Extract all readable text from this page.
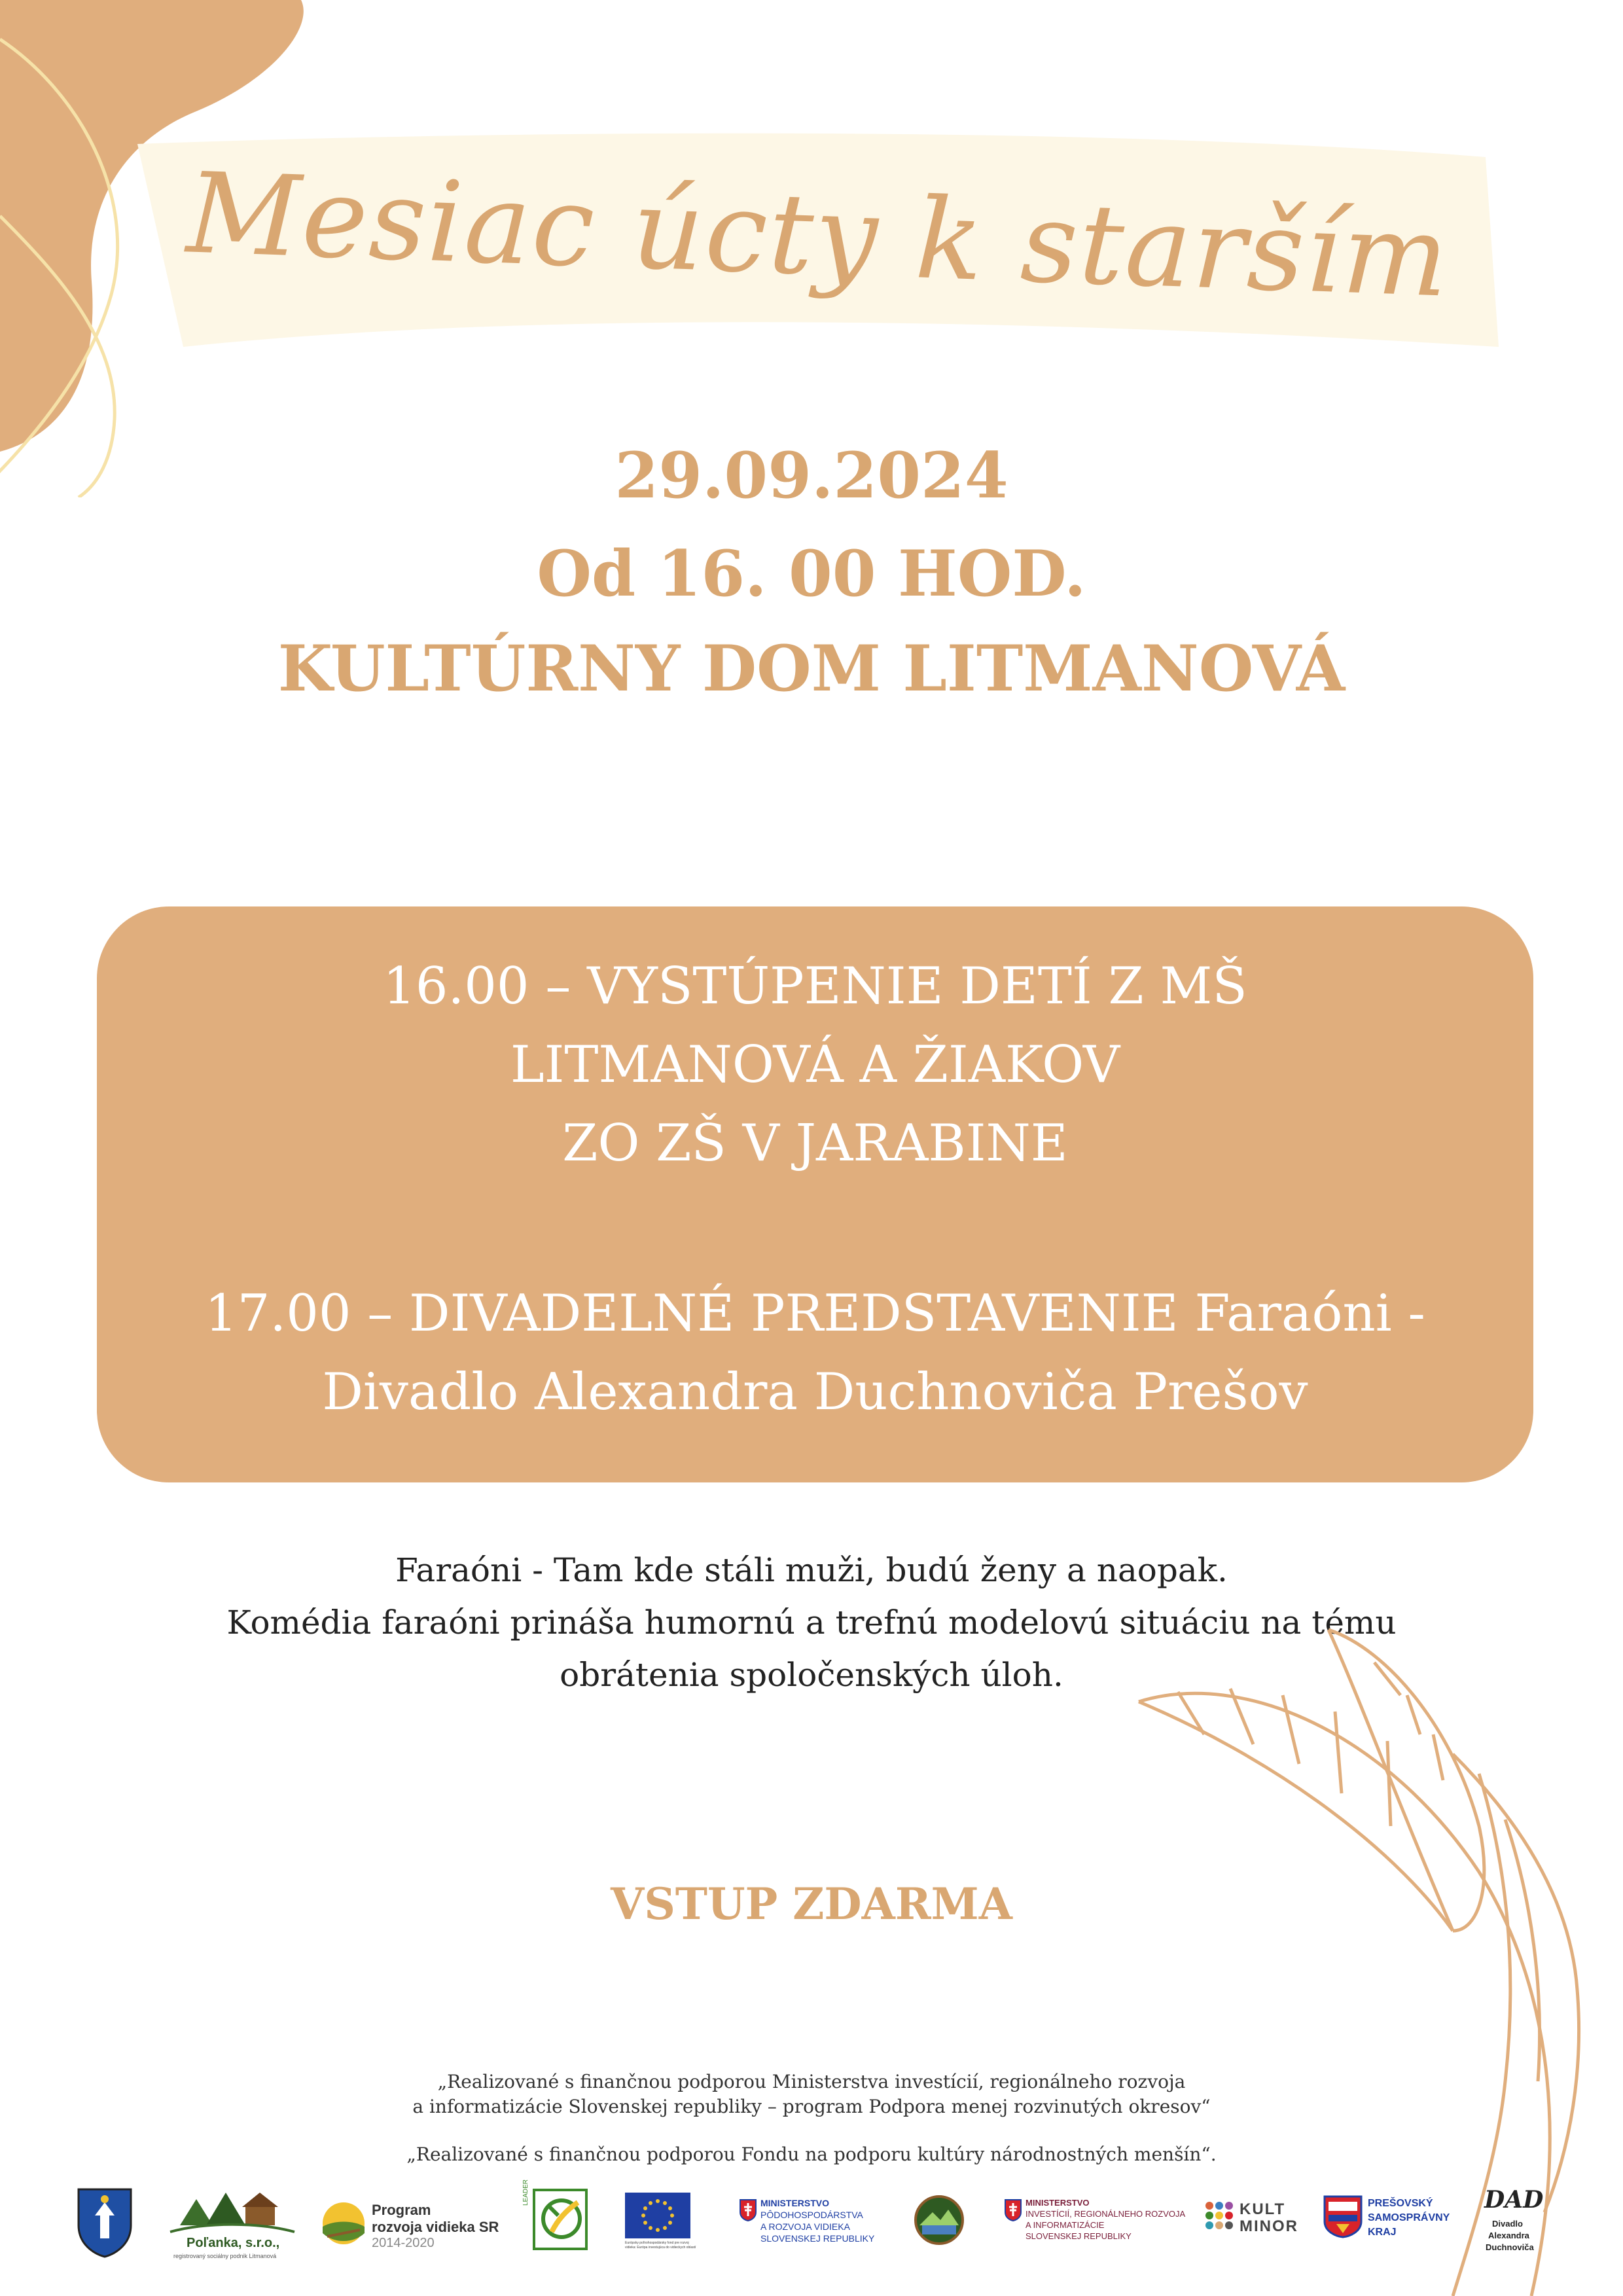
Mesiac úcty k starším
29.09.2024
Od 16. 00 HOD.
KULTÚRNY DOM LITMANOVÁ
16.00 – VYSTÚPENIE DETÍ Z MŠ
LITMANOVÁ A ŽIAKOV
ZO ZŠ V JARABINE
17.00 – DIVADELNÉ PREDSTAVENIE Faraóni -
Divadlo Alexandra Duchnoviča Prešov
Faraóni - Tam kde stáli muži, budú ženy a naopak.
Komédia faraóni prináša humornú a trefnú modelovú situáciu na tému
obrátenia spoločenských úloh.
VSTUP ZDARMA
„Realizované s finančnou podporou Ministerstva investícií, regionálneho rozvoja
a informatizácie Slovenskej republiky – program Podpora menej rozvinutých okresov“
„Realizované s finančnou podporou Fondu na podporu kultúry národnostných menšín“.
Poľanka, s.r.o.,
registrovaný sociálny podnik Litmanová
Program
rozvoja vidieka SR
2014-2020
LEADER
Európsky poľnohospodársky fond pre rozvoj vidieka: Európa investujúca do vidieckych oblastí
MINISTERSTVO
PÔDOHOSPODÁRSTVA
A ROZVOJA VIDIEKA
SLOVENSKEJ REPUBLIKY
MINISTERSTVO
INVESTÍCIÍ, REGIONÁLNEHO ROZVOJA
A INFORMATIZÁCIE
SLOVENSKEJ REPUBLIKY
KULT
MINOR
PREŠOVSKÝ
SAMOSPRÁVNY
KRAJ
DAD
Divadlo
Alexandra
Duchnoviča
